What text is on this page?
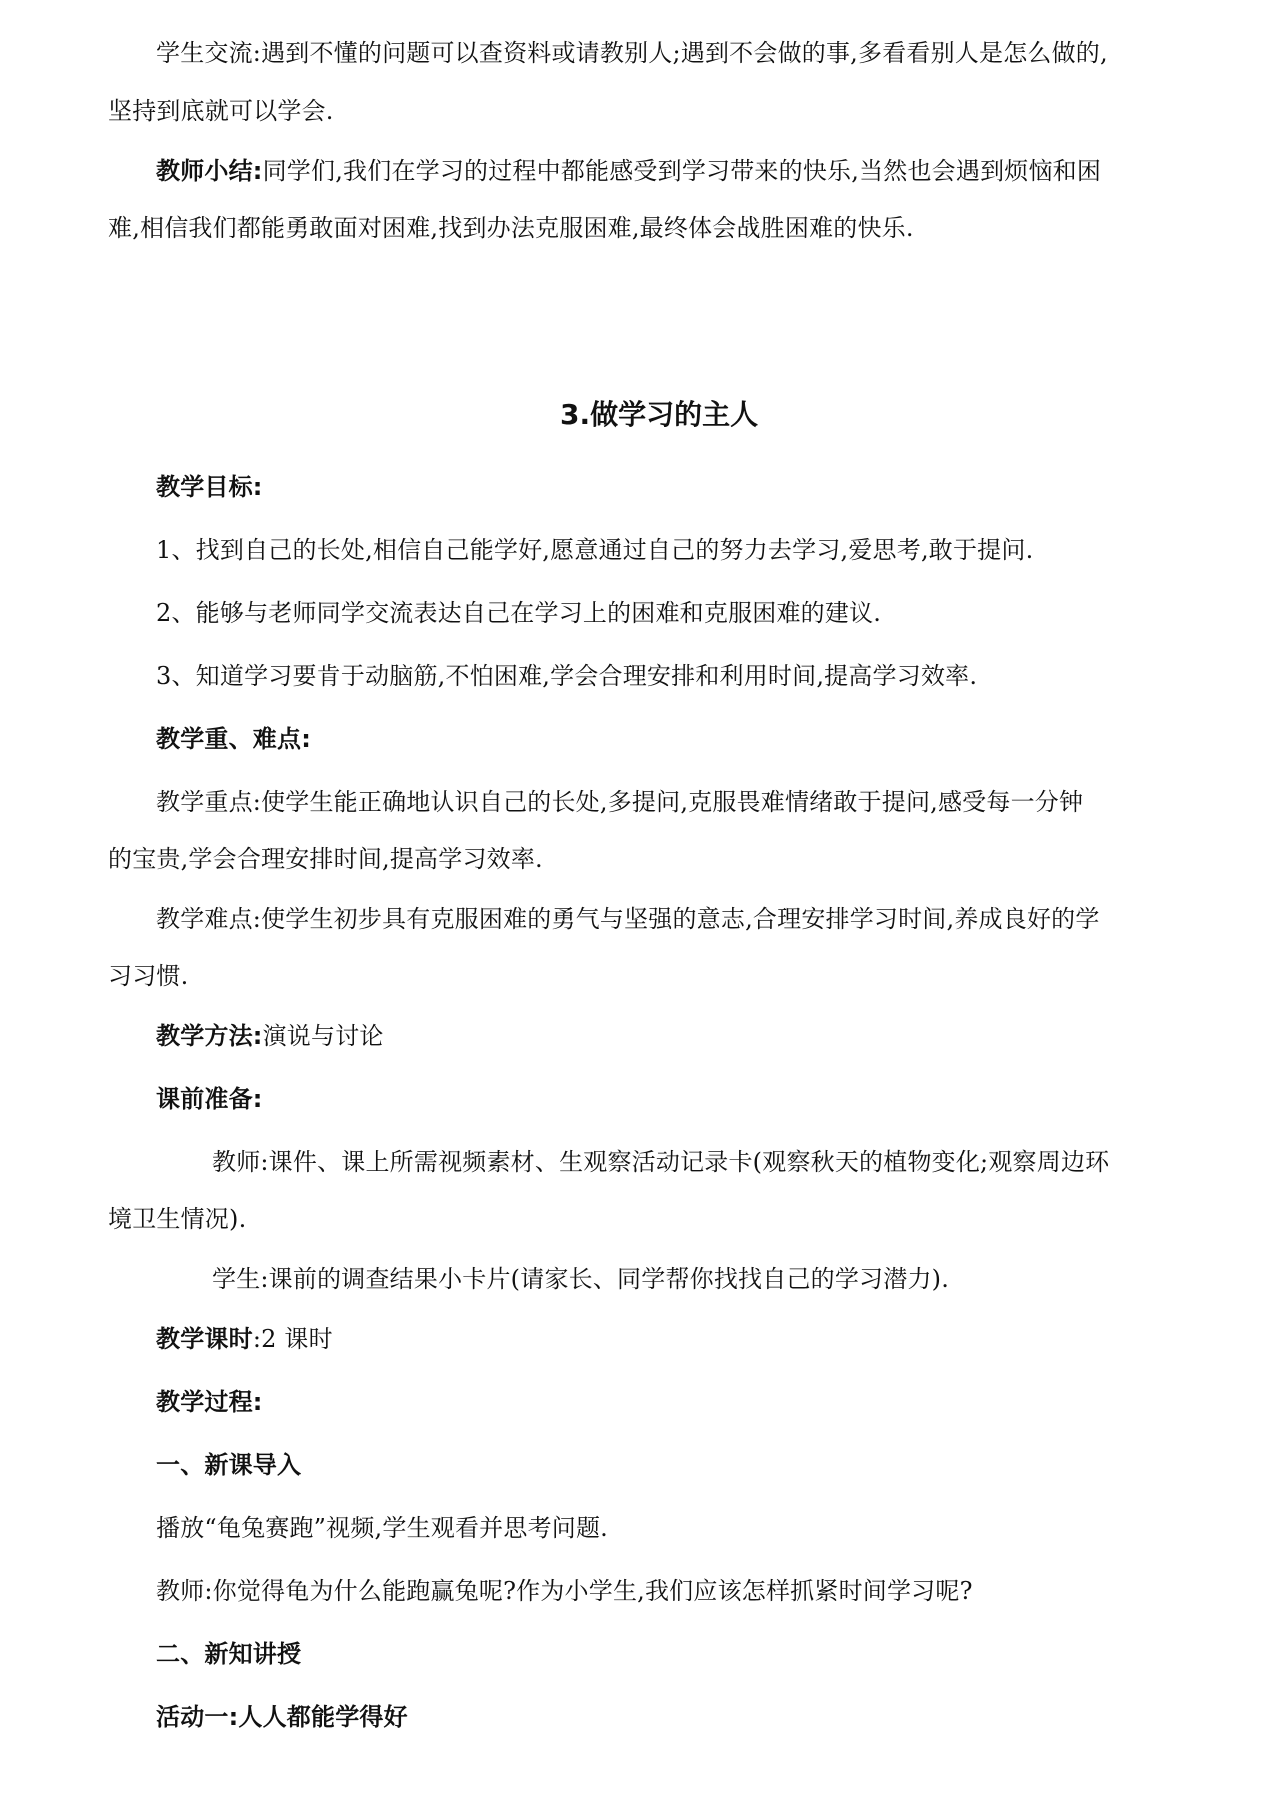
学生交流:遇到不懂的问题可以查资料或请教别人;遇到不会做的事,多看看别人是怎么做的,
坚持到底就可以学会.
教师小结:同学们,我们在学习的过程中都能感受到学习带来的快乐,当然也会遇到烦恼和困
难,相信我们都能勇敢面对困难,找到办法克服困难,最终体会战胜困难的快乐.
3.做学习的主人
教学目标:
1、找到自己的长处,相信自己能学好,愿意通过自己的努力去学习,爱思考,敢于提问.
2、能够与老师同学交流表达自己在学习上的困难和克服困难的建议.
3、知道学习要肯于动脑筋,不怕困难,学会合理安排和利用时间,提高学习效率.
教学重、难点:
教学重点:使学生能正确地认识自己的长处,多提问,克服畏难情绪敢于提问,感受每一分钟
的宝贵,学会合理安排时间,提高学习效率.
教学难点:使学生初步具有克服困难的勇气与坚强的意志,合理安排学习时间,养成良好的学
习习惯.
教学方法:演说与讨论
课前准备:
教师:课件、课上所需视频素材、生观察活动记录卡(观察秋天的植物变化;观察周边环
境卫生情况).
学生:课前的调查结果小卡片(请家长、同学帮你找找自己的学习潜力).
教学课时:2 课时
教学过程:
一、新课导入
播放“龟兔赛跑”视频,学生观看并思考问题.
教师:你觉得龟为什么能跑赢兔呢?作为小学生,我们应该怎样抓紧时间学习呢?
二、新知讲授
活动一:人人都能学得好
